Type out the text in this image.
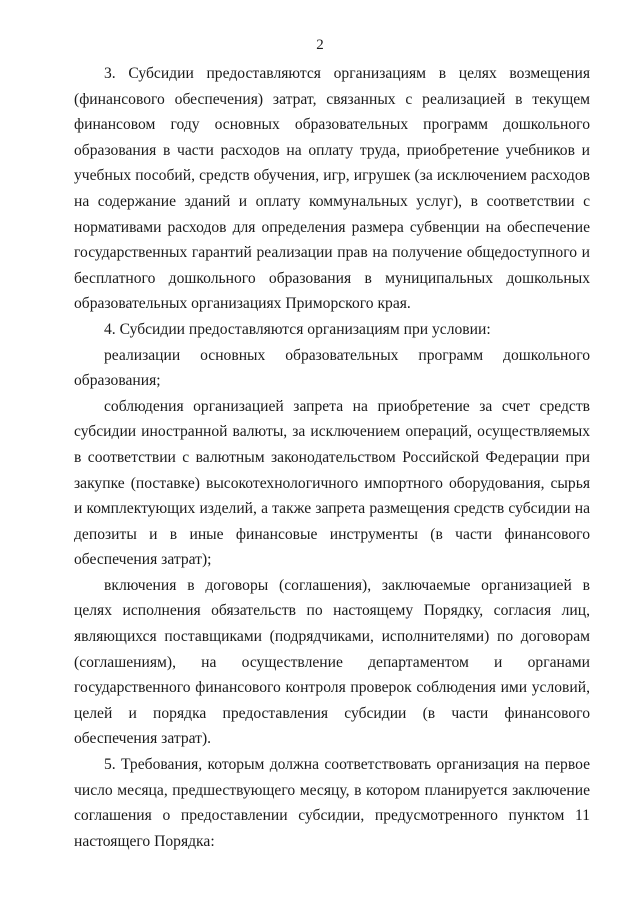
2

3. Субсидии предоставляются организациям в целях возмещения (финансового обеспечения) затрат, связанных с реализацией в текущем финансовом году основных образовательных программ дошкольного образования в части расходов на оплату труда, приобретение учебников и учебных пособий, средств обучения, игр, игрушек (за исключением расходов на содержание зданий и оплату коммунальных услуг), в соответствии с нормативами расходов для определения размера субвенции на обеспечение государственных гарантий реализации прав на получение общедоступного и бесплатного дошкольного образования в муниципальных дошкольных образовательных организациях Приморского края.

4. Субсидии предоставляются организациям при условии:

реализации основных образовательных программ дошкольного образования;

соблюдения организацией запрета на приобретение за счет средств субсидии иностранной валюты, за исключением операций, осуществляемых в соответствии с валютным законодательством Российской Федерации при закупке (поставке) высокотехнологичного импортного оборудования, сырья и комплектующих изделий, а также запрета размещения средств субсидии на депозиты и в иные финансовые инструменты (в части финансового обеспечения затрат);

включения в договоры (соглашения), заключаемые организацией в целях исполнения обязательств по настоящему Порядку, согласия лиц, являющихся поставщиками (подрядчиками, исполнителями) по договорам (соглашениям), на осуществление департаментом и органами государственного финансового контроля проверок соблюдения ими условий, целей и порядка предоставления субсидии (в части финансового обеспечения затрат).

5. Требования, которым должна соответствовать организация на первое число месяца, предшествующего месяцу, в котором планируется заключение соглашения о предоставлении субсидии, предусмотренного пунктом 11 настоящего Порядка:
